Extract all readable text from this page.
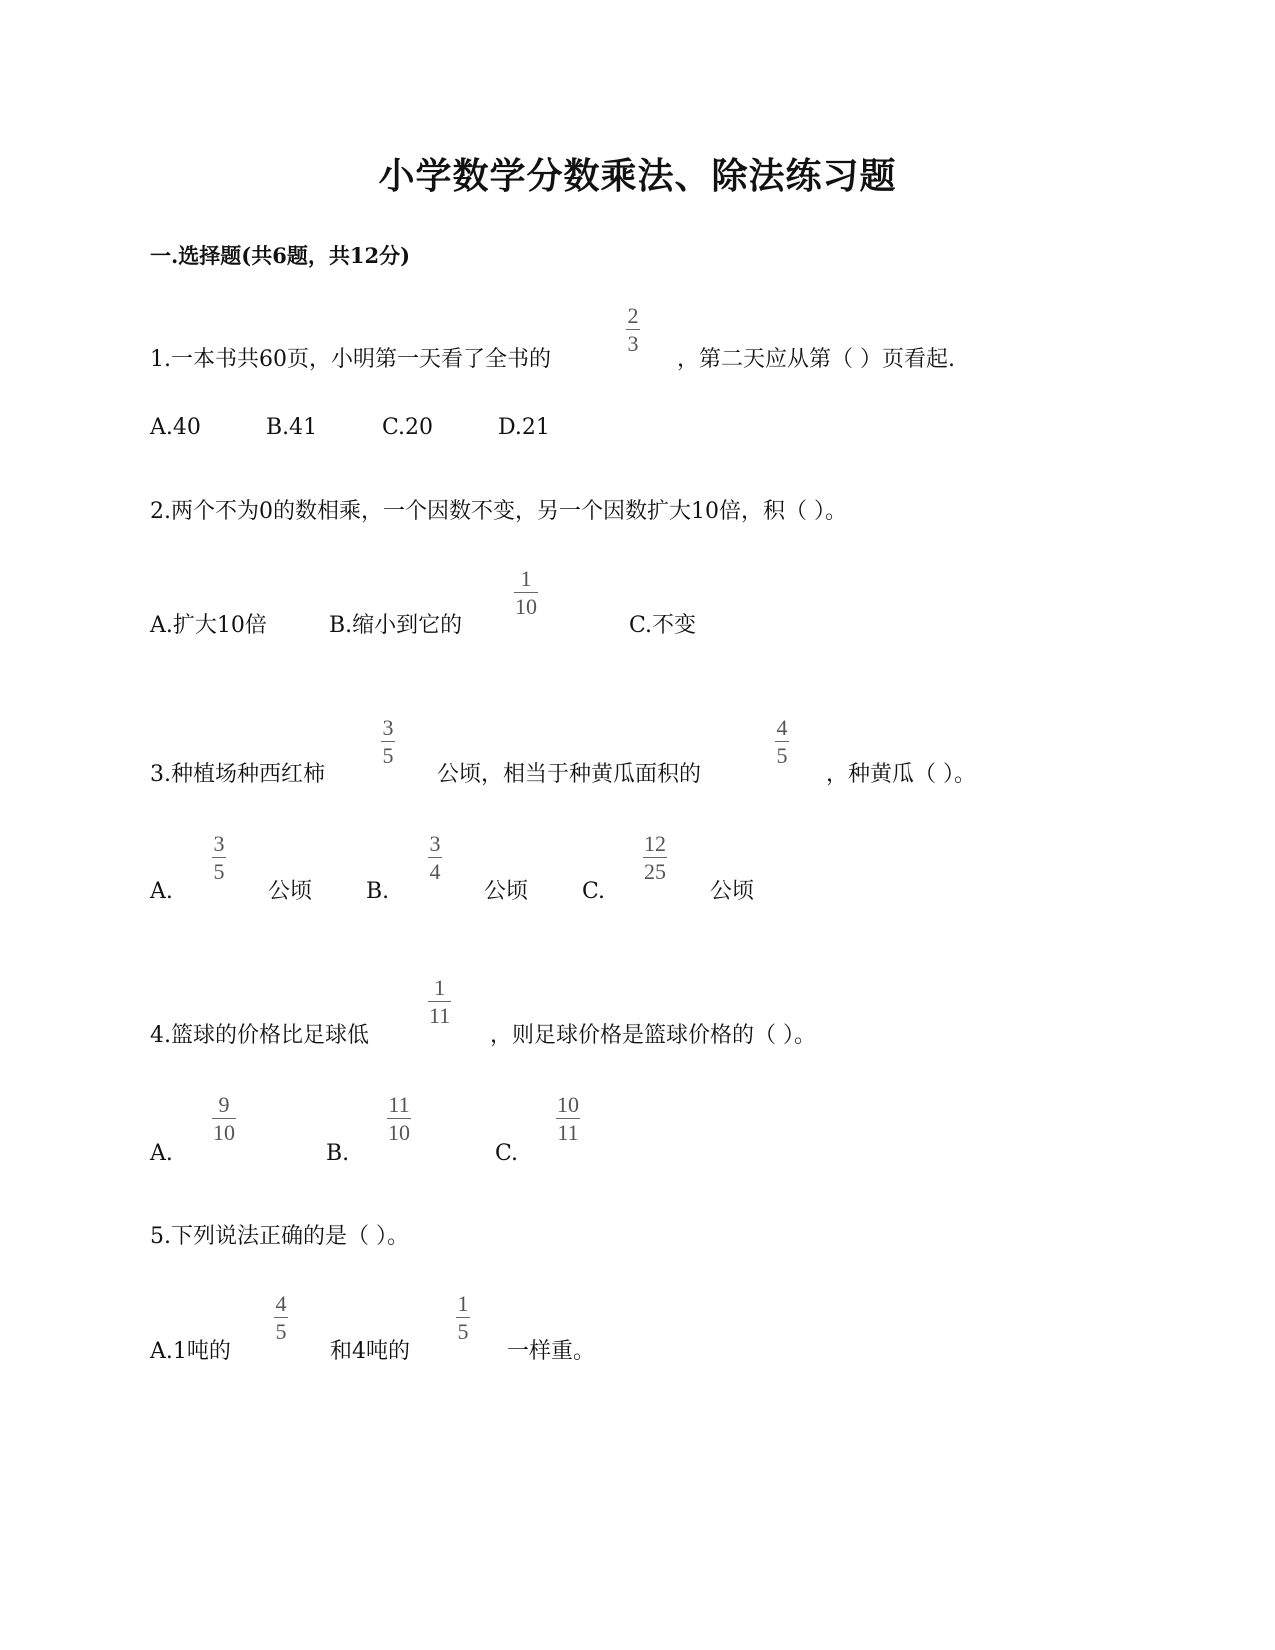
小学数学分数乘法、除法练习题
一.选择题(共6题，共12分)
1.一本书共60页，小明第一天看了全书的
2
3
，第二天应从第（ ）页看起.
A.40	B.41	C.20	D.21
2.两个不为0的数相乘，一个因数不变，另一个因数扩大10倍，积（ ）。
A.扩大10倍	B.缩小到它的
1
10
C.不变
3.种植场种西红柿
3
5
公顷，相当于种黄瓜面积的
4
5
，种黄瓜（ ）。
A.
3
5
公顷 B.
3
4
公顷 C.
12
25
公顷
4.篮球的价格比足球低
1
11
，则足球价格是篮球价格的（ ）。
A.
9
10
B.
11
10
C.
10
11
5.下列说法正确的是（ ）。
A.1吨的
4
5
和4吨的
1
5
一样重。
